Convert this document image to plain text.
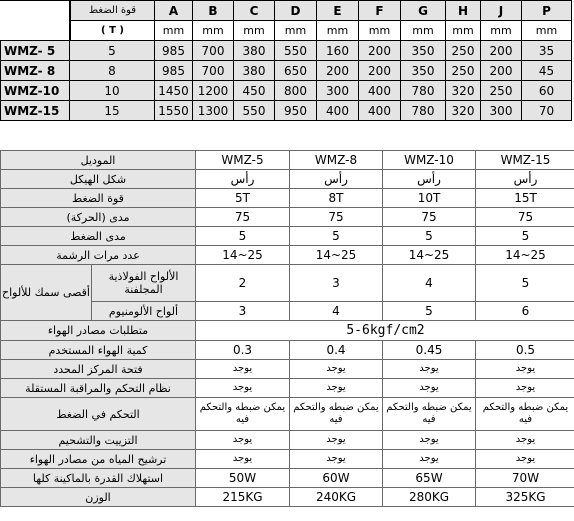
	قوة الضغط	A	B	C	D	E	F	G	H	J	P
	( T )	mm	mm	mm	mm	mm	mm	mm	mm	mm	mm
WMZ- 5	5	985	700	380	550	160	200	350	250	200	35
WMZ- 8	8	985	700	380	650	200	200	350	250	200	45
WMZ-10	10	1450	1200	450	800	300	400	780	320	250	60
WMZ-15	15	1550	1300	550	950	400	400	780	320	300	70
الموديل		WMZ-5	WMZ-8	WMZ-10	WMZ-15
شكل الهيكل		رأس	رأس	رأس	رأس
قوة الضغط		5T	8T	10T	15T
مدى (الحركة)		75	75	75	75
مدى الضغط		5	5	5	5
عدد مرات الرشمة		14~25	14~25	14~25	14~25
أقصى سمك للألواح	الألواح الفولاذية المجلفنة	2	3	4	5
	ألواح الألومنيوم	3	4	5	6
متطلبات مصادر الهواء		5-6kgf/cm2			
كمية الهواء المستخدم		0.3	0.4	0.45	0.5
فتحة المركز المحدد		يوجد	يوجد	يوجد	يوجد
نظام التحكم والمراقبة المستقلة		يوجد	يوجد	يوجد	يوجد
التحكم في الضغط		يمكن ضبطه والتحكم فيه	يمكن ضبطه والتحكم فيه	يمكن ضبطه والتحكم فيه	يمكن ضبطه والتحكم فيه
التزييت والتشحيم		يوجد	يوجد	يوجد	يوجد
ترشيح المياه من مصادر الهواء		يوجد	يوجد	يوجد	يوجد
استهلاك القدرة بالماكينة كلها		50W	60W	65W	70W
الوزن		215KG	240KG	280KG	325KG
